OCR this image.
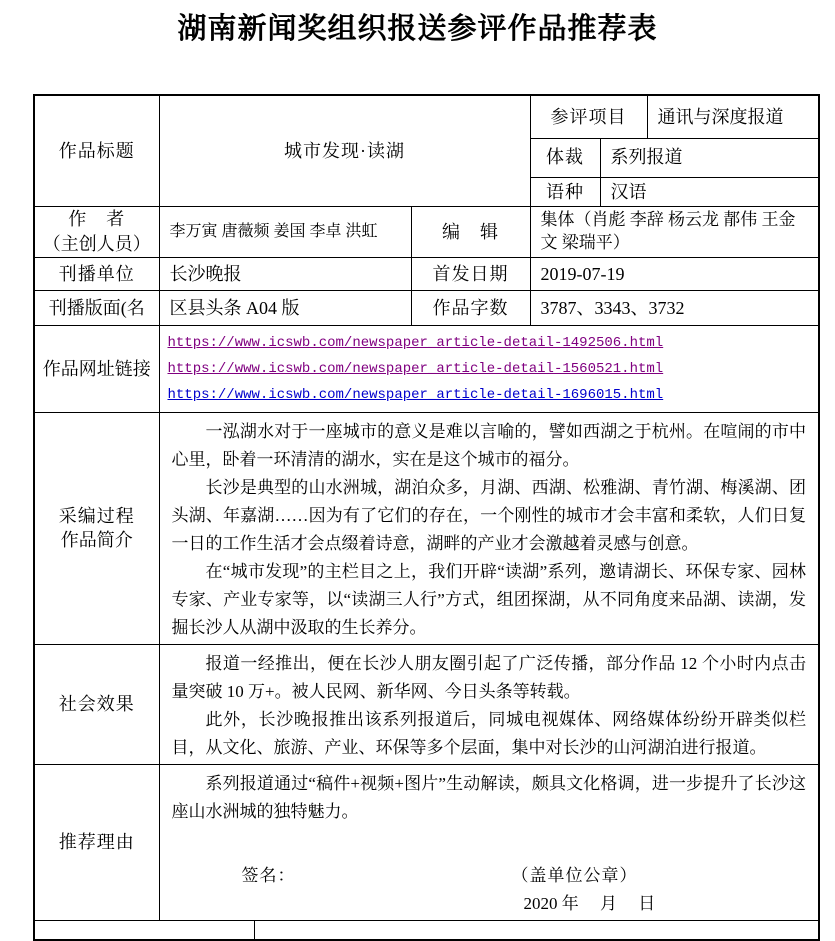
湖南新闻奖组织报送参评作品推荐表
作品标题	城市发现·读湖		参评项目		通讯与深度报道
			体裁	系列报道	
			语种	汉语	
作　者
（主创人员）	李万寅 唐薇频 姜国 李卓 洪虹	编　辑	集体（肖彪 李辞 杨云龙 郬伟 王金文 梁瑞平）		
刊播单位	长沙晚报	首发日期	2019-07-19		
刊播版面(名	区县头条 A04 版	作品字数	3787、3343、3732		
作品网址链接	https://www.icswb.com/newspaper_article-detail-1492506.html
https://www.icswb.com/newspaper_article-detail-1560521.html
https://www.icswb.com/newspaper_article-detail-1696015.html				

采编过程
作品简介

一泓湖水对于一座城市的意义是难以言喻的，譬如西湖之于杭州。在喧闹的市中心里，卧着一环清清的湖水，实在是这个城市的福分。

长沙是典型的山水洲城，湖泊众多，月湖、西湖、松雅湖、青竹湖、梅溪湖、团头湖、年嘉湖……因为有了它们的存在，一个刚性的城市才会丰富和柔软，人们日复一日的工作生活才会点缀着诗意，湖畔的产业才会激越着灵感与创意。

在“城市发现”的主栏目之上，我们开辟“读湖”系列，邀请湖长、环保专家、园林专家、产业专家等，以“读湖三人行”方式，组团探湖，从不同角度来品湖、读湖，发掘长沙人从湖中汲取的生长养分。

社会效果	报道一经推出，便在长沙人朋友圈引起了广泛传播，部分作品 12 个小时内点击量突破 10 万+。被人民网、新华网、今日头条等转载。

此外，长沙晚报推出该系列报道后，同城电视媒体、网络媒体纷纷开辟类似栏目，从文化、旅游、产业、环保等多个层面，集中对长沙的山河湖泊进行报道。				

推荐理由	系列报道通过“稿件+视频+图片”生动解读，颇具文化格调，进一步提升了长沙这座山水洲城的独特魅力。

签名： （盖单位公章）
2020 年　 月　 日				
